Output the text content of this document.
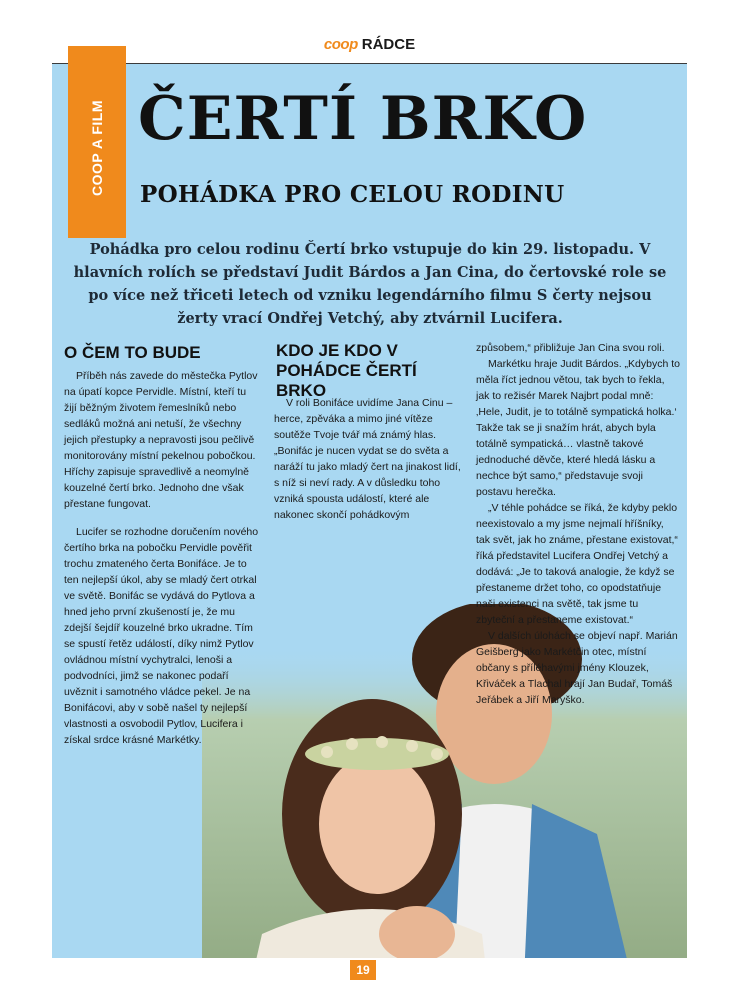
coop RÁDCE
COOP A FILM ČERTÍ BRKO
POHÁDKA PRO CELOU RODINU

Pohádka pro celou rodinu Čertí brko vstupuje do kin 29. listopadu. V hlavních rolích se představí Judit Bárdos a Jan Cina, do čertovské role se po více než třiceti letech od vzniku legendárního filmu S čerty nejsou žerty vrací Ondřej Vetchý, aby ztvárnil Lucifera.

O ČEM TO BUDE

Příběh nás zavede do městečka Pytlov na úpatí kopce Pervidle. Místní, kteří tu žijí běžným životem řemeslníků nebo sedláků možná ani netuší, že všechny jejich přestupky a nepravosti jsou pečlivě monitorovány místní pekelnou pobočkou. Hříchy zapisuje spravedlivě a neomylně kouzelné čertí brko. Jednoho dne však přestane fungovat.

Lucifer se rozhodne doručením nového čertího brka na pobočku Pervidle pověřit trochu zmateného čerta Bonifáce. Je to ten nejlepší úkol, aby se mladý čert otrkal ve světě. Bonifác se vydává do Pytlova a hned jeho první zkušeností je, že mu zdejší šejdíř kouzelné brko ukradne. Tím se spustí řetěz událostí, díky nimž Pytlov ovládnou místní vychytralci, lenoši a podvodníci, jimž se nakonec podaří uvěznit i samotného vládce pekel. Je na Bonifácovi, aby v sobě našel ty nejlepší vlastnosti a osvobodil Pytlov, Lucifera i získal srdce krásné Markétky.

KDO JE KDO V POHÁDCE ČERTÍ BRKO

V roli Bonifáce uvidíme Jana Cinu – herce, zpěváka a mimo jiné vítěze soutěže Tvoje tvář má známý hlas. „Bonifác je nucen vydat se do světa a naráží tu jako mladý čert na jinakost lidí, s níž si neví rady. A v důsledku toho vzniká spousta událostí, které ale nakonec skončí pohádkovým

způsobem,“ přibližuje Jan Cina svou roli.

Markétku hraje Judit Bárdos. „Kdybych to měla říct jednou větou, tak bych to řekla, jak to režisér Marek Najbrt podal mně: ‚Hele, Judit, je to totálně sympatická holka.‘ Takže tak se ji snažím hrát, abych byla totálně sympatická… vlastně takové jednoduché děvče, které hledá lásku a nechce být samo,“ představuje svoji postavu herečka.

„V téhle pohádce se říká, že kdyby peklo neexistovalo a my jsme nejmalí hříšníky, tak svět, jak ho známe, přestane existovat,“ říká představitel Lucifera Ondřej Vetchý a dodává: „Je to taková analogie, že když se přestaneme držet toho, co opodstatňuje naši existenci na světě, tak jsme tu zbyteční a přestaneme existovat.“

V dalších úlohách se objeví např. Marián Geišberg jako Markétčin otec, místní občany s příléhavými jmény Klouzek, Křiváček a Tlachal hrají Jan Budař, Tomáš Jeřábek a Jiří Maryško.

19
